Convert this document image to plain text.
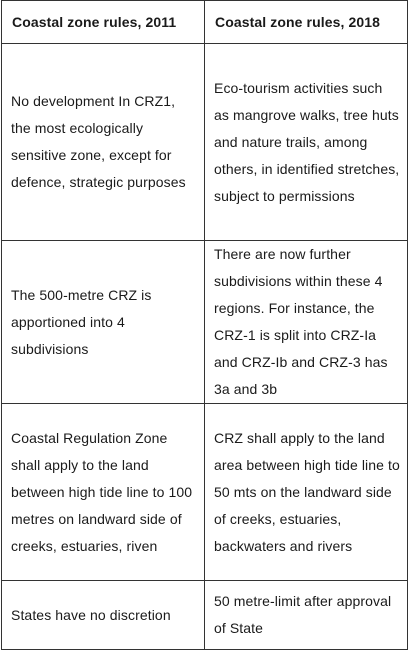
Coastal zone rules, 2011	Coastal zone rules, 2018

No development In CRZ1, the most ecologically sensitive zone, except for defence, strategic purposes	Eco-tourism activities such as mangrove walks, tree huts and nature trails, among others, in identified stretches, subject to permissions

The 500-metre CRZ is apportioned into 4 subdivisions	There are now further subdivisions within these 4 regions. For instance, the CRZ-1 is split into CRZ-Ia and CRZ-Ib and CRZ-3 has 3a and 3b

Coastal Regulation Zone shall apply to the land between high tide line to 100 metres on landward side of creeks, estuaries, riven	CRZ shall apply to the land area between high tide line to 50 mts on the landward side of creeks, estuaries, backwaters and rivers

States have no discretion	50 metre-limit after approval of State
